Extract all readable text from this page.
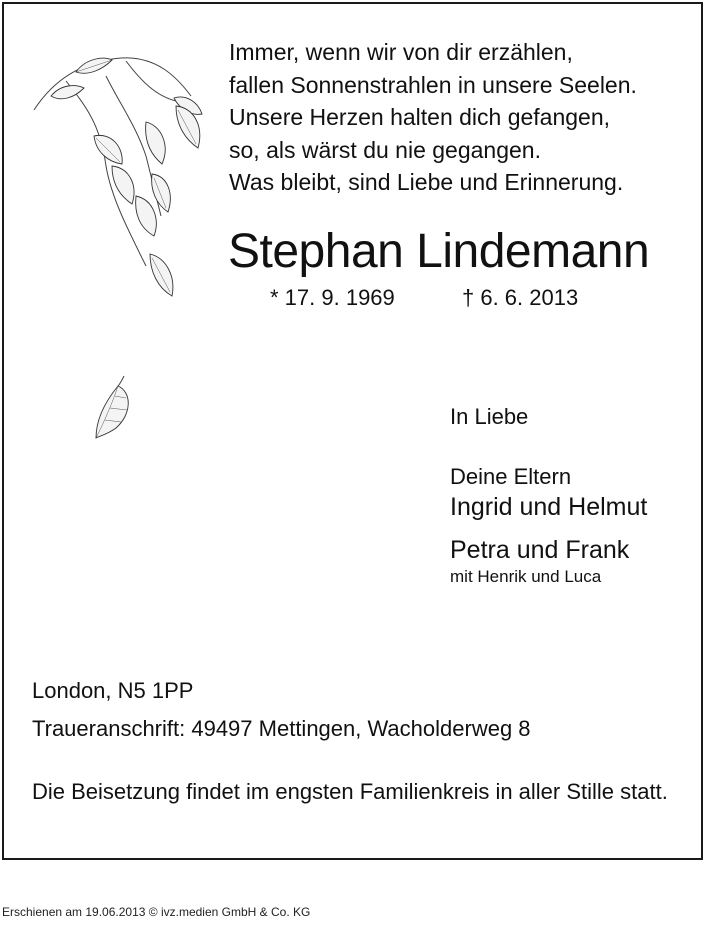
Immer, wenn wir von dir erzählen,
fallen Sonnenstrahlen in unsere Seelen.
Unsere Herzen halten dich gefangen,
so, als wärst du nie gegangen.
Was bleibt, sind Liebe und Erinnerung.
Stephan Lindemann
* 17. 9. 1969	† 6. 6. 2013
In Liebe
Deine Eltern
Ingrid und Helmut
Petra und Frank
mit Henrik und Luca
London, N5 1PP
Traueranschrift: 49497 Mettingen, Wacholderweg 8
Die Beisetzung findet im engsten Familienkreis in aller Stille statt.
Erschienen am 19.06.2013 © ivz.medien GmbH & Co. KG
